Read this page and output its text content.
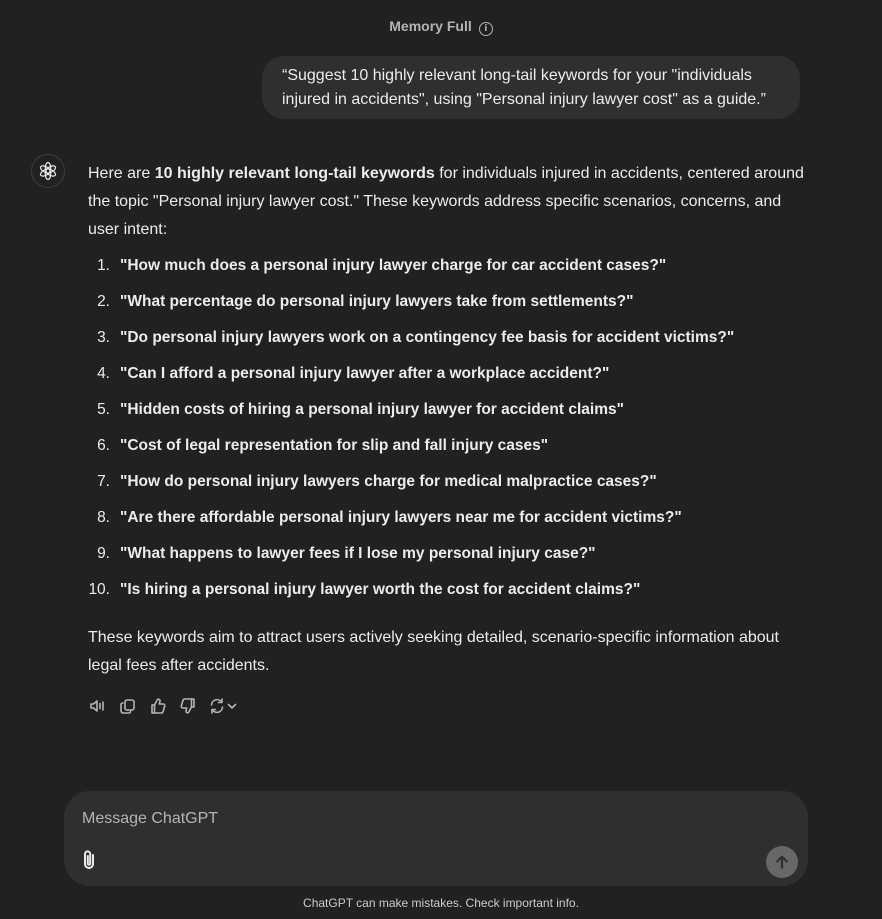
Memory Full i
“Suggest 10 highly relevant long-tail keywords for your "individuals injured in accidents", using "Personal injury lawyer cost" as a guide.”

Here are 10 highly relevant long-tail keywords for individuals injured in accidents, centered around the topic "Personal injury lawyer cost." These keywords address specific scenarios, concerns, and user intent:

1. "How much does a personal injury lawyer charge for car accident cases?"
2. "What percentage do personal injury lawyers take from settlements?"
3. "Do personal injury lawyers work on a contingency fee basis for accident victims?"
4. "Can I afford a personal injury lawyer after a workplace accident?"
5. "Hidden costs of hiring a personal injury lawyer for accident claims"
6. "Cost of legal representation for slip and fall injury cases"
7. "How do personal injury lawyers charge for medical malpractice cases?"
8. "Are there affordable personal injury lawyers near me for accident victims?"
9. "What happens to lawyer fees if I lose my personal injury case?"
10. "Is hiring a personal injury lawyer worth the cost for accident claims?"

These keywords aim to attract users actively seeking detailed, scenario-specific information about legal fees after accidents.

Message ChatGPT
ChatGPT can make mistakes. Check important info.
